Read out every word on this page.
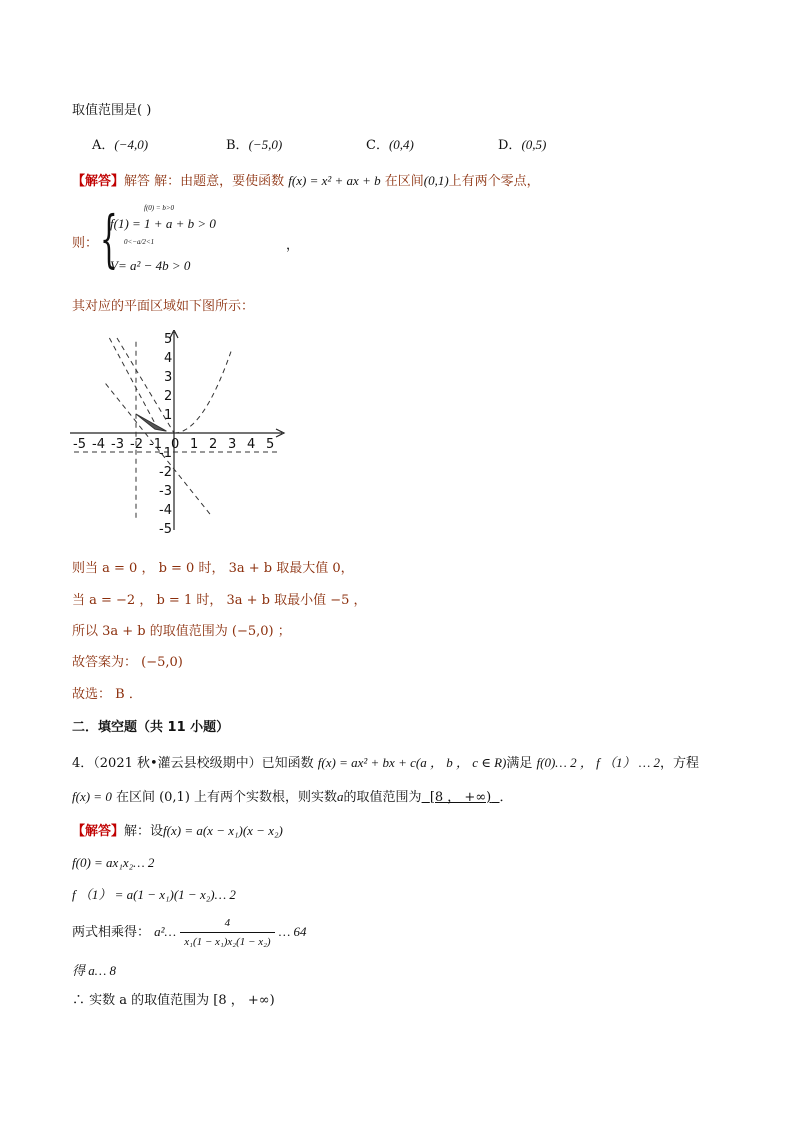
取值范围是( )
A．(−4,0)	B．(−5,0)	C．(0,4)	D．(0,5)
【解答】解答 解：由题意，要使函数 f(x) = x² + ax + b 在区间(0,1)上有两个零点，
则： {	f(0) = b>0
f(1) = 1 + a + b > 0
0<−a/2<1	，
V= a² − 4b > 0
其对应的平面区域如下图所示：
-5 -4 -3 -2 -1 0 1 2 3 4 5
5
4
3
2
1
-1
-2
-3
-4
-5
则当 a = 0 ， b = 0 时， 3a + b 取最大值 0，
当 a = −2 ， b = 1 时， 3a + b 取最小值 −5 ，
所以 3a + b 的取值范围为 (−5,0) ；
故答案为： (−5,0)
故选： B ．
二．填空题（共 11 小题）
4．（2021 秋•灌云县校级期中）已知函数 f(x) = ax² + bx + c(a ， b ， c ∈ R)满足 f(0)… 2 ， f （1） … 2，方程
f(x) = 0 在区间 (0,1) 上有两个实数根，则实数a的取值范围为 [8 ， +∞) ．
【解答】解：设f(x) = a(x − x₁)(x − x₂)
f(0) = ax₁x₂… 2
f （1） = a(1 − x₁)(1 − x₂)… 2
两式相乘得： a²… $\frac{4}{\text{x₁(1 − x₁)x₂(1 − x₂)}}$ … 64
得 a… 8
∴ 实数 a 的取值范围为 [8 ， +∞)
